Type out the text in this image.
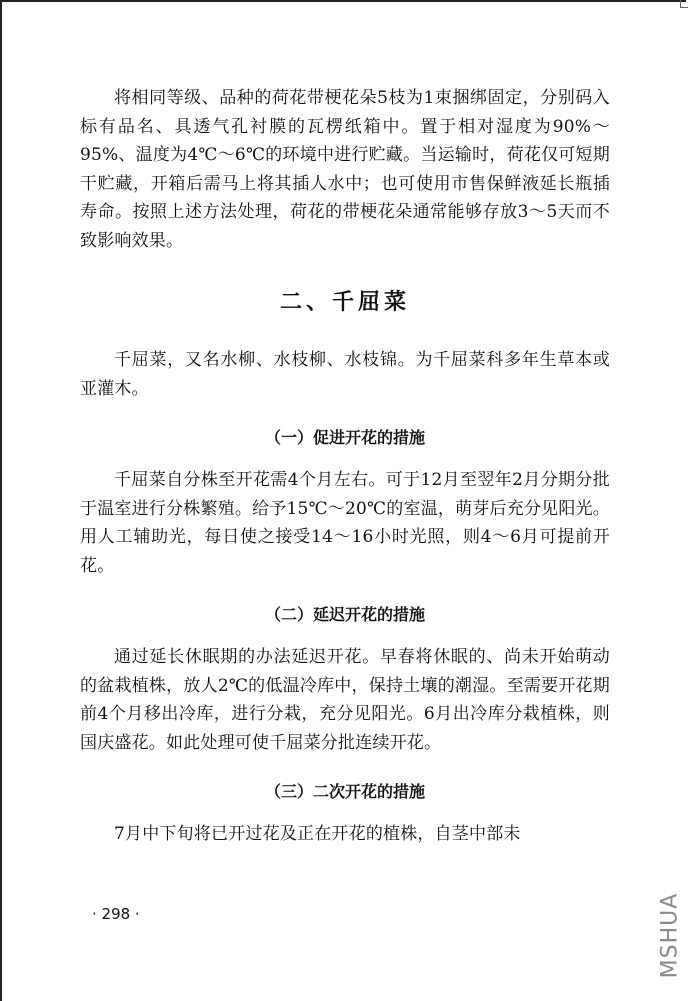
将相同等级、品种的荷花带梗花朵5枝为1束捆绑固定，分别码入标有品名、具透气孔衬膜的瓦楞纸箱中。置于相对湿度为90%～95%、温度为4℃～6℃的环境中进行贮藏。当运输时，荷花仅可短期干贮藏，开箱后需马上将其插人水中；也可使用市售保鲜液延长瓶插寿命。按照上述方法处理，荷花的带梗花朵通常能够存放3～5天而不致影响效果。

二、千屈菜

千屈菜，又名水柳、水枝柳、水枝锦。为千屈菜科多年生草本或亚灌木。

（一）促进开花的措施

千屈菜自分株至开花需4个月左右。可于12月至翌年2月分期分批于温室进行分株繁殖。给予15℃～20℃的室温，萌芽后充分见阳光。用人工辅助光，每日使之接受14～16小时光照，则4～6月可提前开花。

（二）延迟开花的措施

通过延长休眠期的办法延迟开花。早春将休眠的、尚未开始萌动的盆栽植株，放人2℃的低温冷库中，保持土壤的潮湿。至需要开花期前4个月移出冷库，进行分栽，充分见阳光。6月出冷库分栽植株，则国庆盛花。如此处理可使千屈菜分批连续开花。

（三）二次开花的措施

7月中下旬将已开过花及正在开花的植株，自茎中部未

· 298 ·	MSHUA
